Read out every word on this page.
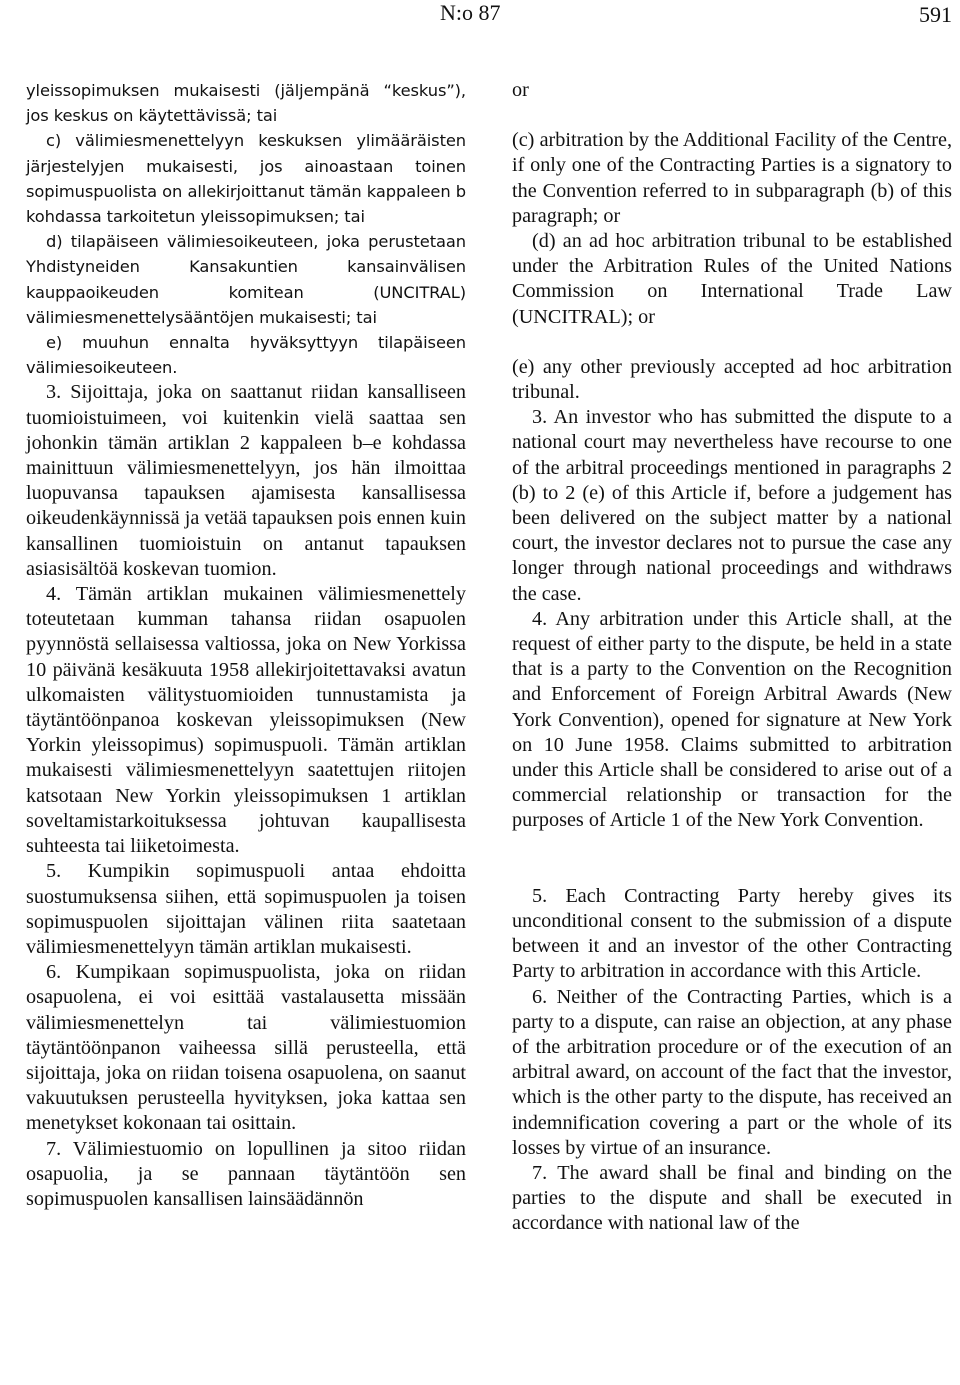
N:o 87	591

yleissopimuksen mukaisesti (jäljempänä “keskus”), jos keskus on käytettävissä; tai

c) välimiesmenettelyyn keskuksen ylimääräisten järjestelyjen mukaisesti, jos ainoastaan toinen sopimuspuolista on allekirjoittanut tämän kappaleen b kohdassa tarkoitetun yleissopimuksen; tai

d) tilapäiseen välimiesoikeuteen, joka perustetaan Yhdistyneiden Kansakuntien kansainvälisen kauppaoikeuden komitean (UNCITRAL) välimiesmenettelysääntöjen mukaisesti; tai

e) muuhun ennalta hyväksyttyyn tilapäiseen välimiesoikeuteen.

3. Sijoittaja, joka on saattanut riidan kansalliseen tuomioistuimeen, voi kuitenkin vielä saattaa sen johonkin tämän artiklan 2 kappaleen b–e kohdassa mainittuun välimiesmenettelyyn, jos hän ilmoittaa luopuvansa tapauksen ajamisesta kansallisessa oikeudenkäynnissä ja vetää tapauksen pois ennen kuin kansallinen tuomioistuin on antanut tapauksen asiasisältöä koskevan tuomion.

4. Tämän artiklan mukainen välimiesmenettely toteutetaan kumman tahansa riidan osapuolen pyynnöstä sellaisessa valtiossa, joka on New Yorkissa 10 päivänä kesäkuuta 1958 allekirjoitettavaksi avatun ulkomaisten välitystuomioiden tunnustamista ja täytäntöönpanoa koskevan yleissopimuksen (New Yorkin yleissopimus) sopimuspuoli. Tämän artiklan mukaisesti välimiesmenettelyyn saatettujen riitojen katsotaan New Yorkin yleissopimuksen 1 artiklan soveltamistarkoituksessa johtuvan kaupallisesta suhteesta tai liiketoimesta.

5. Kumpikin sopimuspuoli antaa ehdoitta suostumuksensa siihen, että sopimuspuolen ja toisen sopimuspuolen sijoittajan välinen riita saatetaan välimiesmenettelyyn tämän artiklan mukaisesti.

6. Kumpikaan sopimuspuolista, joka on riidan osapuolena, ei voi esittää vastalausetta missään välimiesmenettelyn tai välimiestuomion täytäntöönpanon vaiheessa sillä perusteella, että sijoittaja, joka on riidan toisena osapuolena, on saanut vakuutuksen perusteella hyvityksen, joka kattaa sen menetykset kokonaan tai osittain.

7. Välimiestuomio on lopullinen ja sitoo riidan osapuolia, ja se pannaan täytäntöön sen sopimuspuolen kansallisen lainsäädännön

or

(c) arbitration by the Additional Facility of the Centre, if only one of the Contracting Parties is a signatory to the Convention referred to in subparagraph (b) of this paragraph; or

(d) an ad hoc arbitration tribunal to be established under the Arbitration Rules of the United Nations Commission on International Trade Law (UNCITRAL); or

(e) any other previously accepted ad hoc arbitration tribunal.

3. An investor who has submitted the dispute to a national court may nevertheless have recourse to one of the arbitral proceedings mentioned in paragraphs 2 (b) to 2 (e) of this Article if, before a judgement has been delivered on the subject matter by a national court, the investor declares not to pursue the case any longer through national proceedings and withdraws the case.

4. Any arbitration under this Article shall, at the request of either party to the dispute, be held in a state that is a party to the Convention on the Recognition and Enforcement of Foreign Arbitral Awards (New York Convention), opened for signature at New York on 10 June 1958. Claims submitted to arbitration under this Article shall be considered to arise out of a commercial relationship or transaction for the purposes of Article 1 of the New York Convention.

5. Each Contracting Party hereby gives its unconditional consent to the submission of a dispute between it and an investor of the other Contracting Party to arbitration in accordance with this Article.

6. Neither of the Contracting Parties, which is a party to a dispute, can raise an objection, at any phase of the arbitration procedure or of the execution of an arbitral award, on account of the fact that the investor, which is the other party to the dispute, has received an indemnification covering a part or the whole of its losses by virtue of an insurance.

7. The award shall be final and binding on the parties to the dispute and shall be executed in accordance with national law of the
